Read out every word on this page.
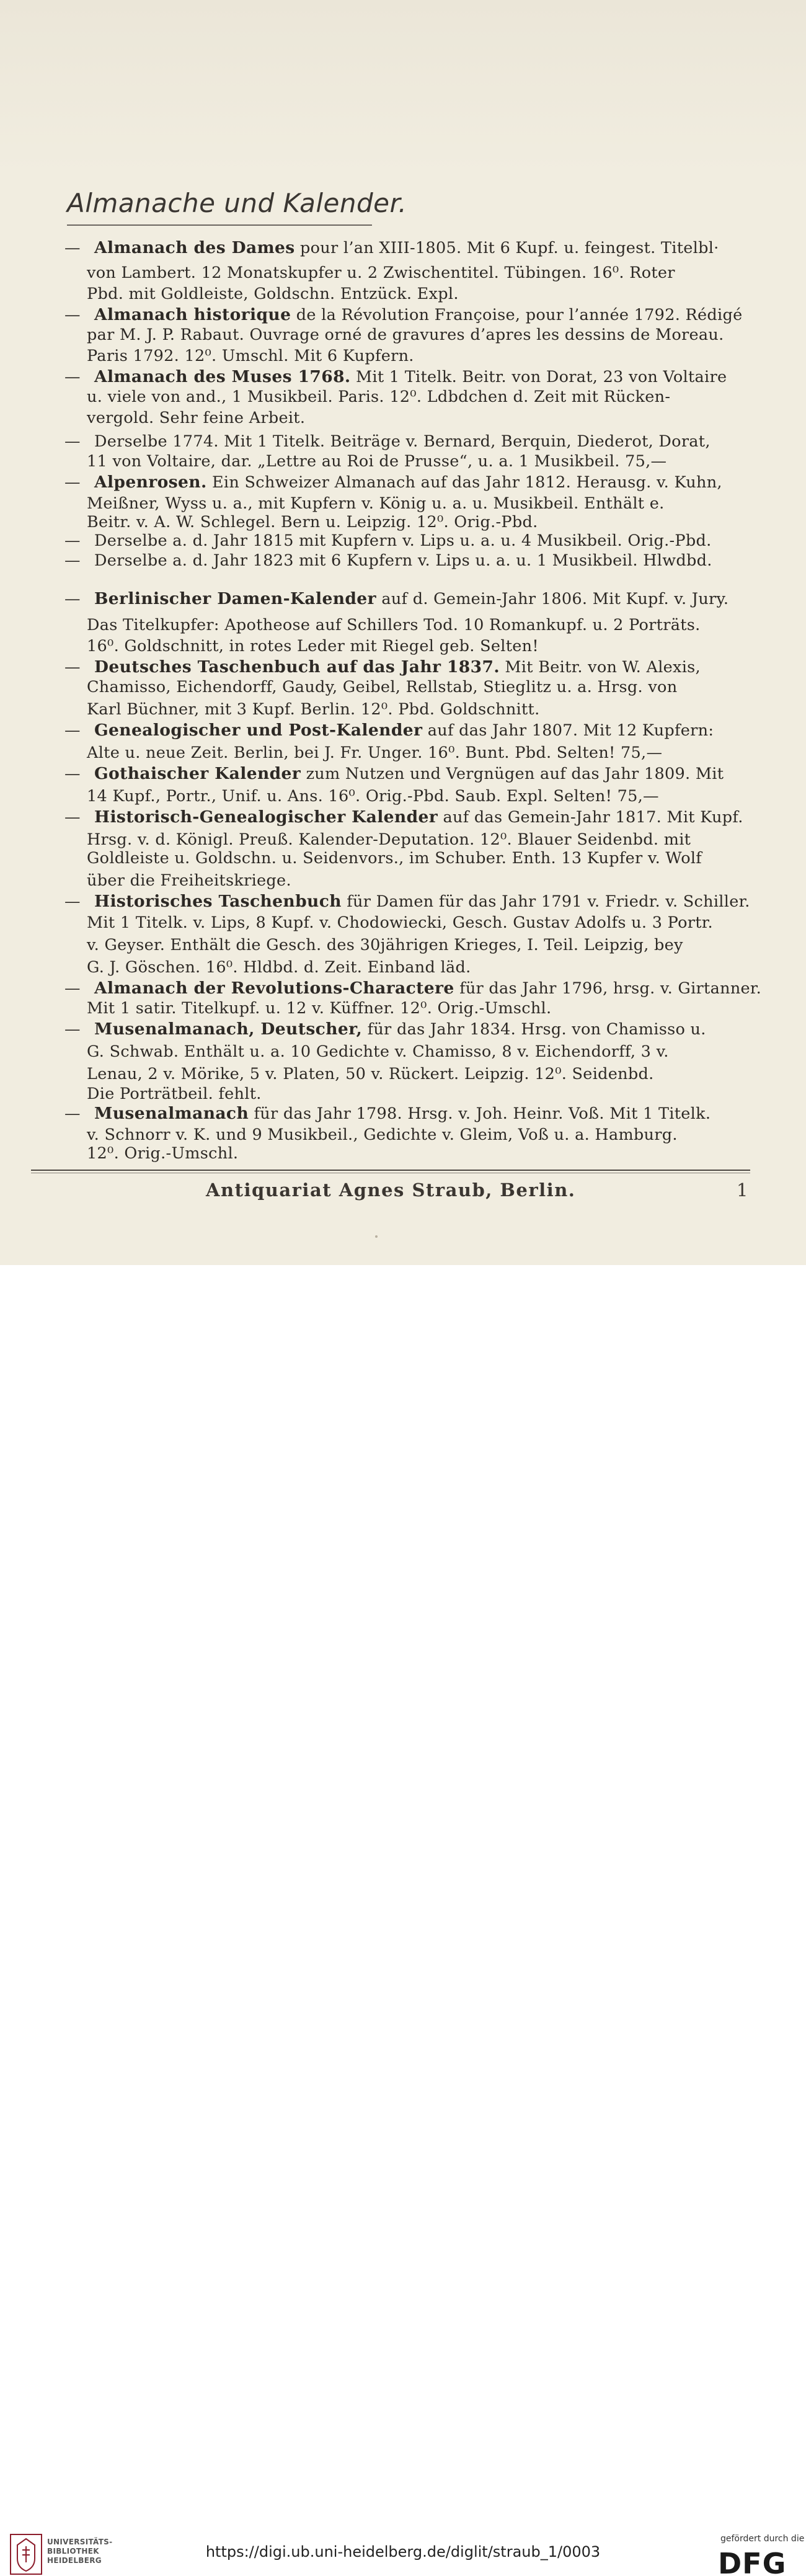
Almanache und Kalender.
— Almanach des Dames pour l’an XIII-1805. Mit 6 Kupf. u. feingest. Titelbl·
von Lambert. 12 Monatskupfer u. 2 Zwischentitel. Tübingen. 16⁰. Roter
Pbd. mit Goldleiste, Goldschn. Entzück. Expl.
— Almanach historique de la Révolution Françoise, pour l’année 1792. Rédigé
par M. J. P. Rabaut. Ouvrage orné de gravures d’apres les dessins de Moreau.
Paris 1792. 12⁰. Umschl. Mit 6 Kupfern.
— Almanach des Muses 1768. Mit 1 Titelk. Beitr. von Dorat, 23 von Voltaire
u. viele von and., 1 Musikbeil. Paris. 12⁰. Ldbdchen d. Zeit mit Rücken-
vergold. Sehr feine Arbeit.
— Derselbe 1774. Mit 1 Titelk. Beiträge v. Bernard, Berquin, Diederot, Dorat,
11 von Voltaire, dar. „Lettre au Roi de Prusse“, u. a. 1 Musikbeil. 75,—
— Alpenrosen. Ein Schweizer Almanach auf das Jahr 1812. Herausg. v. Kuhn,
Meißner, Wyss u. a., mit Kupfern v. König u. a. u. Musikbeil. Enthält e.
Beitr. v. A. W. Schlegel. Bern u. Leipzig. 12⁰. Orig.-Pbd.
— Derselbe a. d. Jahr 1815 mit Kupfern v. Lips u. a. u. 4 Musikbeil. Orig.-Pbd.
— Derselbe a. d. Jahr 1823 mit 6 Kupfern v. Lips u. a. u. 1 Musikbeil. Hlwdbd.
— Berlinischer Damen-Kalender auf d. Gemein-Jahr 1806. Mit Kupf. v. Jury.
Das Titelkupfer: Apotheose auf Schillers Tod. 10 Romankupf. u. 2 Porträts.
16⁰. Goldschnitt, in rotes Leder mit Riegel geb. Selten!
— Deutsches Taschenbuch auf das Jahr 1837. Mit Beitr. von W. Alexis,
Chamisso, Eichendorff, Gaudy, Geibel, Rellstab, Stieglitz u. a. Hrsg. von
Karl Büchner, mit 3 Kupf. Berlin. 12⁰. Pbd. Goldschnitt.
— Genealogischer und Post-Kalender auf das Jahr 1807. Mit 12 Kupfern:
Alte u. neue Zeit. Berlin, bei J. Fr. Unger. 16⁰. Bunt. Pbd. Selten! 75,—
— Gothaischer Kalender zum Nutzen und Vergnügen auf das Jahr 1809. Mit
14 Kupf., Portr., Unif. u. Ans. 16⁰. Orig.-Pbd. Saub. Expl. Selten! 75,—
— Historisch-Genealogischer Kalender auf das Gemein-Jahr 1817. Mit Kupf.
Hrsg. v. d. Königl. Preuß. Kalender-Deputation. 12⁰. Blauer Seidenbd. mit
Goldleiste u. Goldschn. u. Seidenvors., im Schuber. Enth. 13 Kupfer v. Wolf
über die Freiheitskriege.
— Historisches Taschenbuch für Damen für das Jahr 1791 v. Friedr. v. Schiller.
Mit 1 Titelk. v. Lips, 8 Kupf. v. Chodowiecki, Gesch. Gustav Adolfs u. 3 Portr.
v. Geyser. Enthält die Gesch. des 30jährigen Krieges, I. Teil. Leipzig, bey
G. J. Göschen. 16⁰. Hldbd. d. Zeit. Einband läd.
— Almanach der Revolutions-Charactere für das Jahr 1796, hrsg. v. Girtanner.
Mit 1 satir. Titelkupf. u. 12 v. Küffner. 12⁰. Orig.-Umschl.
— Musenalmanach, Deutscher, für das Jahr 1834. Hrsg. von Chamisso u.
G. Schwab. Enthält u. a. 10 Gedichte v. Chamisso, 8 v. Eichendorff, 3 v.
Lenau, 2 v. Mörike, 5 v. Platen, 50 v. Rückert. Leipzig. 12⁰. Seidenbd.
Die Porträtbeil. fehlt.
— Musenalmanach für das Jahr 1798. Hrsg. v. Joh. Heinr. Voß. Mit 1 Titelk.
v. Schnorr v. K. und 9 Musikbeil., Gedichte v. Gleim, Voß u. a. Hamburg.
12⁰. Orig.-Umschl.
Antiquariat Agnes Straub, Berlin.	1
UNIVERSITÄTS-
BIBLIOTHEK
HEIDELBERG	https://digi.ub.uni-heidelberg.de/diglit/straub_1/0003
gefördert durch die
DFG
